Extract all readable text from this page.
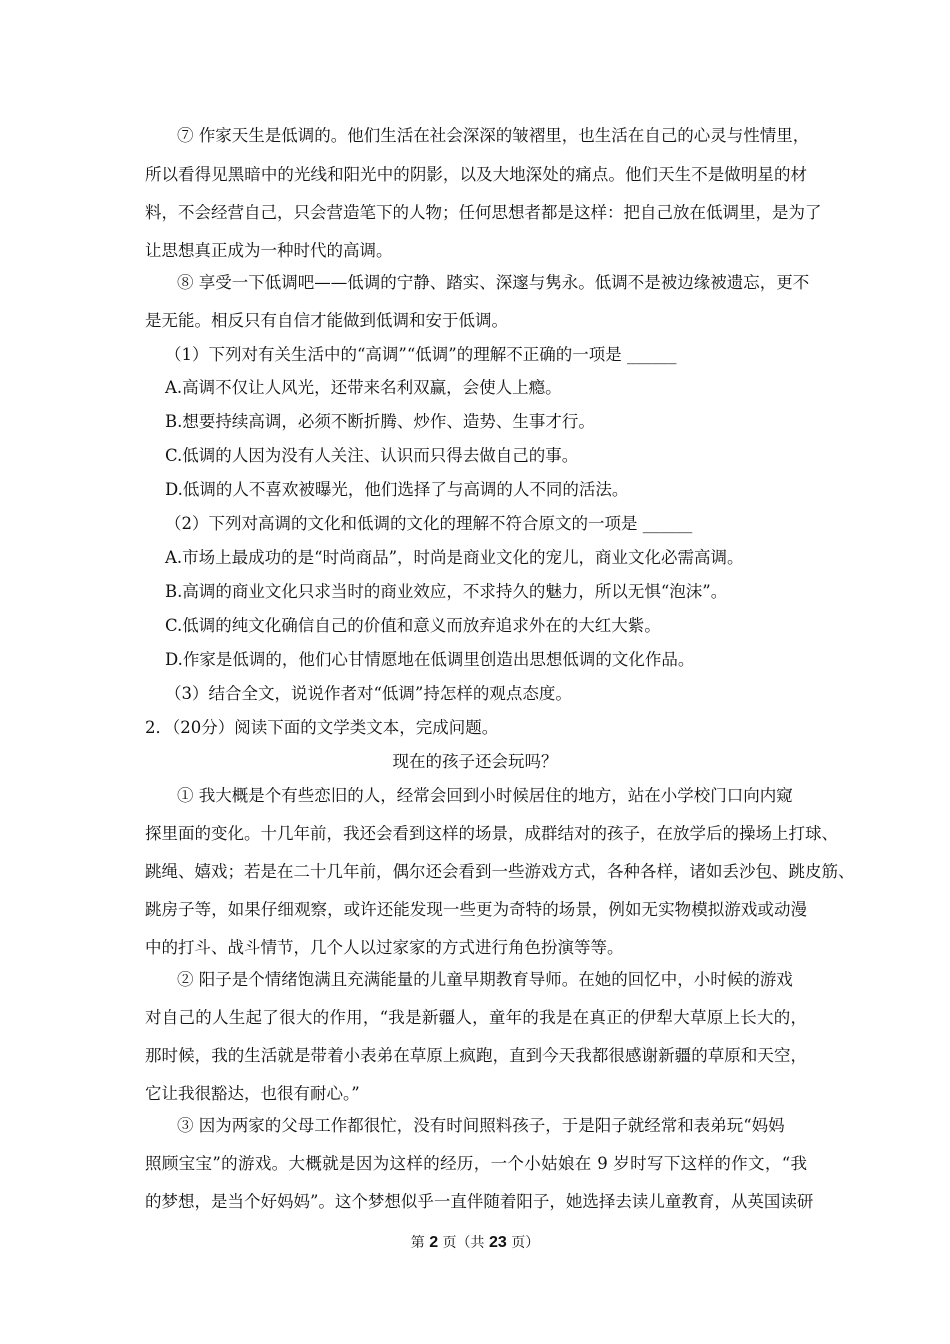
⑦ 作家天生是低调的。他们生活在社会深深的皱褶里，也生活在自己的心灵与性情里，
所以看得见黑暗中的光线和阳光中的阴影，以及大地深处的痛点。他们天生不是做明星的材
料，不会经营自己，只会营造笔下的人物；任何思想者都是这样：把自己放在低调里，是为了
让思想真正成为一种时代的高调。
⑧ 享受一下低调吧——低调的宁静、踏实、深邃与隽永。低调不是被边缘被遗忘，更不
是无能。相反只有自信才能做到低调和安于低调。
（1）下列对有关生活中的“高调”“低调”的理解不正确的一项是 ______
A.高调不仅让人风光，还带来名利双赢，会使人上瘾。
B.想要持续高调，必须不断折腾、炒作、造势、生事才行。
C.低调的人因为没有人关注、认识而只得去做自己的事。
D.低调的人不喜欢被曝光，他们选择了与高调的人不同的活法。
（2）下列对高调的文化和低调的文化的理解不符合原文的一项是 ______
A.市场上最成功的是“时尚商品”，时尚是商业文化的宠儿，商业文化必需高调。
B.高调的商业文化只求当时的商业效应，不求持久的魅力，所以无惧“泡沫”。
C.低调的纯文化确信自己的价值和意义而放弃追求外在的大红大紫。
D.作家是低调的，他们心甘情愿地在低调里创造出思想低调的文化作品。
（3）结合全文，说说作者对“低调”持怎样的观点态度。
2．（20分）阅读下面的文学类文本，完成问题。
现在的孩子还会玩吗？
① 我大概是个有些恋旧的人，经常会回到小时候居住的地方，站在小学校门口向内窥
探里面的变化。十几年前，我还会看到这样的场景，成群结对的孩子，在放学后的操场上打球、
跳绳、嬉戏；若是在二十几年前，偶尔还会看到一些游戏方式，各种各样，诸如丢沙包、跳皮筋、
跳房子等，如果仔细观察，或许还能发现一些更为奇特的场景，例如无实物模拟游戏或动漫
中的打斗、战斗情节，几个人以过家家的方式进行角色扮演等等。
② 阳子是个情绪饱满且充满能量的儿童早期教育导师。在她的回忆中，小时候的游戏
对自己的人生起了很大的作用，“我是新疆人，童年的我是在真正的伊犁大草原上长大的，
那时候，我的生活就是带着小表弟在草原上疯跑，直到今天我都很感谢新疆的草原和天空，
它让我很豁达，也很有耐心。”
③ 因为两家的父母工作都很忙，没有时间照料孩子，于是阳子就经常和表弟玩“妈妈
照顾宝宝”的游戏。大概就是因为这样的经历，一个小姑娘在 9 岁时写下这样的作文，“我
的梦想，是当个好妈妈”。这个梦想似乎一直伴随着阳子，她选择去读儿童教育，从英国读研
第 2 页（共 23 页）
